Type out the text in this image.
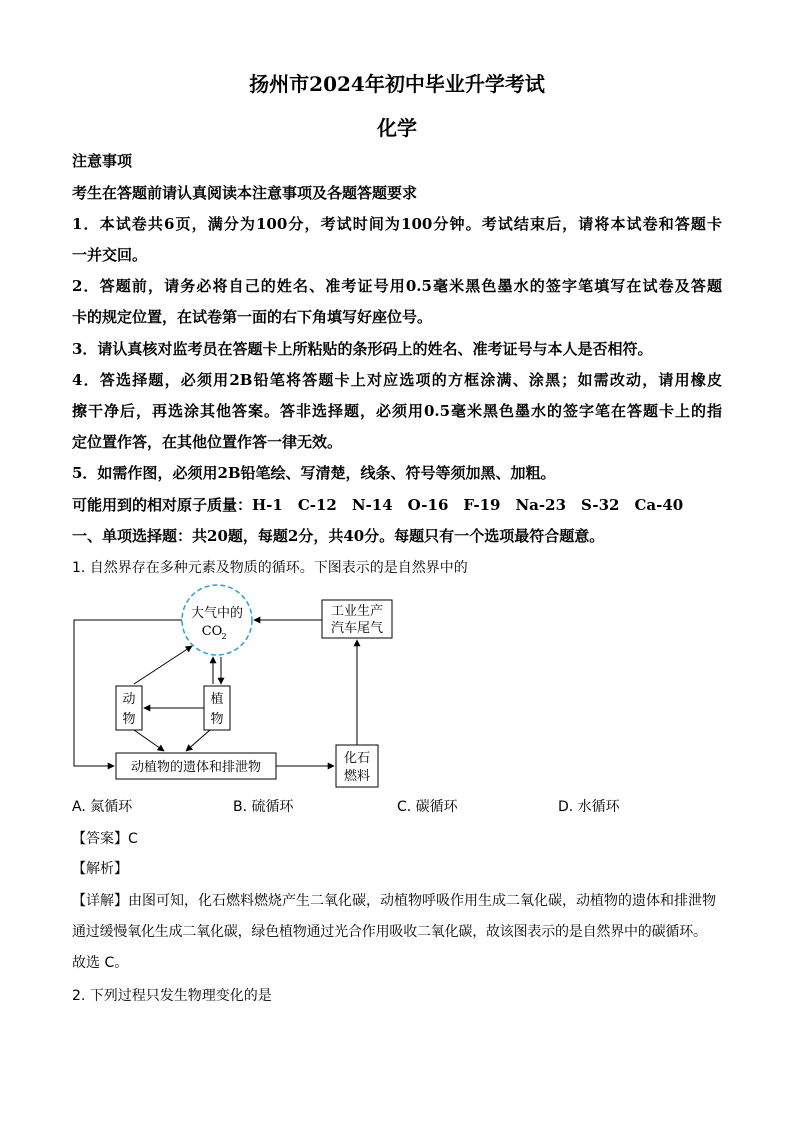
扬州市2024年初中毕业升学考试
化学
注意事项
考生在答题前请认真阅读本注意事项及各题答题要求
1．本试卷共6页，满分为100分，考试时间为100分钟。考试结束后，请将本试卷和答题卡
一并交回。
2．答题前，请务必将自己的姓名、准考证号用0.5毫米黑色墨水的签字笔填写在试卷及答题
卡的规定位置，在试卷第一面的右下角填写好座位号。
3．请认真核对监考员在答题卡上所粘贴的条形码上的姓名、准考证号与本人是否相符。
4．答选择题，必须用2B铅笔将答题卡上对应选项的方框涂满、涂黑；如需改动，请用橡皮
擦干净后，再选涂其他答案。答非选择题，必须用0.5毫米黑色墨水的签字笔在答题卡上的指
定位置作答，在其他位置作答一律无效。
5．如需作图，必须用2B铅笔绘、写清楚，线条、符号等须加黑、加粗。
可能用到的相对原子质量：H-1　C-12　N-14　O-16　F-19　Na-23　S-32　Ca-40
一、单项选择题：共20题，每题2分，共40分。每题只有一个选项最符合题意。
1. 自然界存在多种元素及物质的循环。下图表示的是自然界中的
大气中的
CO 2
工业生产
汽车尾气
动
物
植
物
动植物的遗体和排泄物
化石
燃料
A. 氮循环	B. 硫循环	C. 碳循环	D. 水循环
【答案】C
【解析】
【详解】由图可知，化石燃料燃烧产生二氧化碳，动植物呼吸作用生成二氧化碳，动植物的遗体和排泄物
通过缓慢氧化生成二氧化碳，绿色植物通过光合作用吸收二氧化碳，故该图表示的是自然界中的碳循环。
故选 C。
2. 下列过程只发生物理变化的是
